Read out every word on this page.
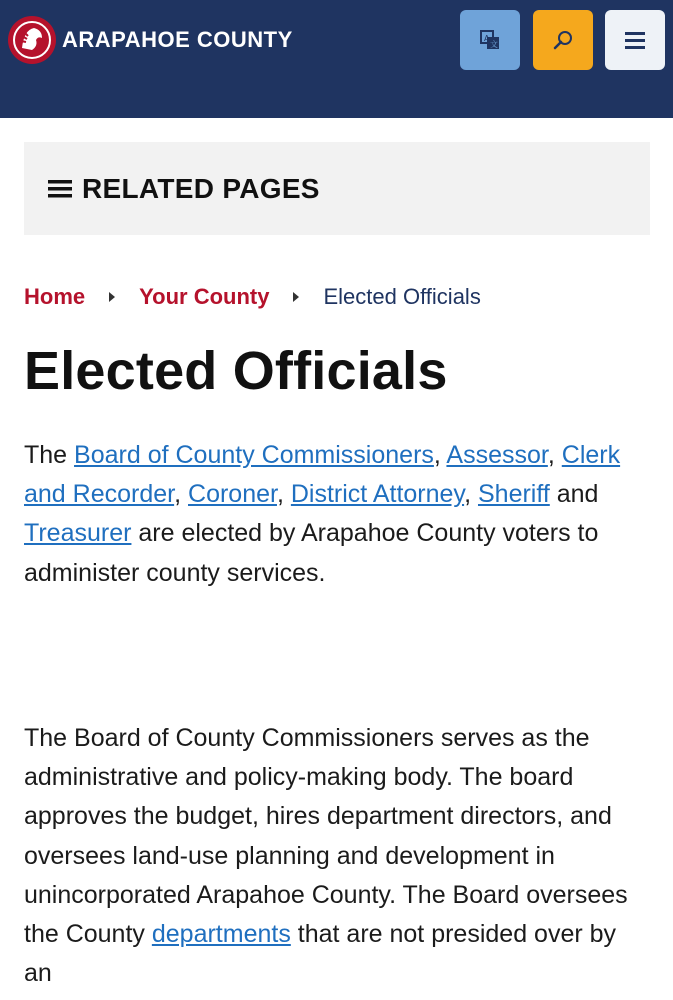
ARAPAHOE COUNTY	A
文
RELATED PAGES
Home Your County Elected Officials
Elected Officials

The Board of County Commissioners, Assessor, Clerk and Recorder, Coroner, District Attorney, Sheriff and Treasurer are elected by Arapahoe County voters to administer county services.

The Board of County Commissioners serves as the administrative and policy-making body. The board approves the budget, hires department directors, and oversees land-use planning and development in unincorporated Arapahoe County. The Board oversees the County departments that are not presided over by an
